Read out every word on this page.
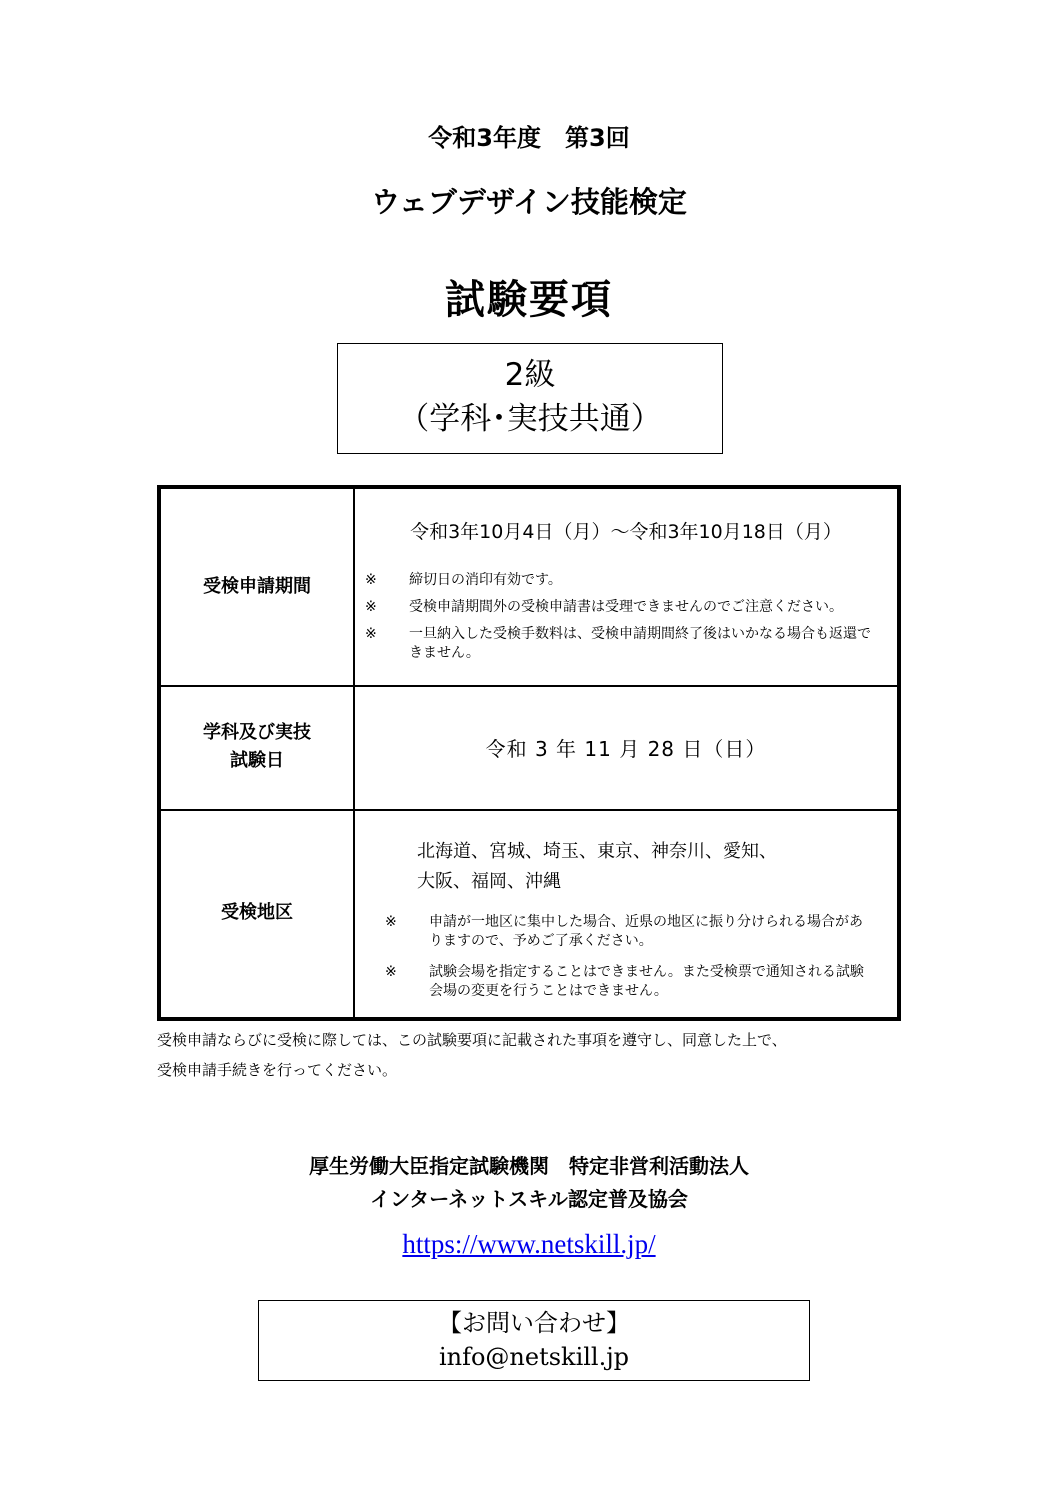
令和3年度　第3回
ウェブデザイン技能検定
試験要項
2級
（学科･実技共通）
受検申請期間
令和3年10月4日（月）～令和3年10月18日（月）
※ 締切日の消印有効です。
※ 受検申請期間外の受検申請書は受理できませんのでご注意ください。
※ 一旦納入した受検手数料は、受検申請期間終了後はいかなる場合も返還できません。
学科及び実技
試験日	令和 3 年 11 月 28 日（日）
受検地区
北海道、宮城、埼玉、東京、神奈川、愛知、
大阪、福岡、沖縄
※ 申請が一地区に集中した場合、近県の地区に振り分けられる場合がありますので、予めご了承ください。
※ 試験会場を指定することはできません。また受検票で通知される試験会場の変更を行うことはできません。
受検申請ならびに受検に際しては、この試験要項に記載された事項を遵守し、同意した上で、
受検申請手続きを行ってください。
厚生労働大臣指定試験機関　特定非営利活動法人
インターネットスキル認定普及協会
https://www.netskill.jp/
【お問い合わせ】
info@netskill.jp
